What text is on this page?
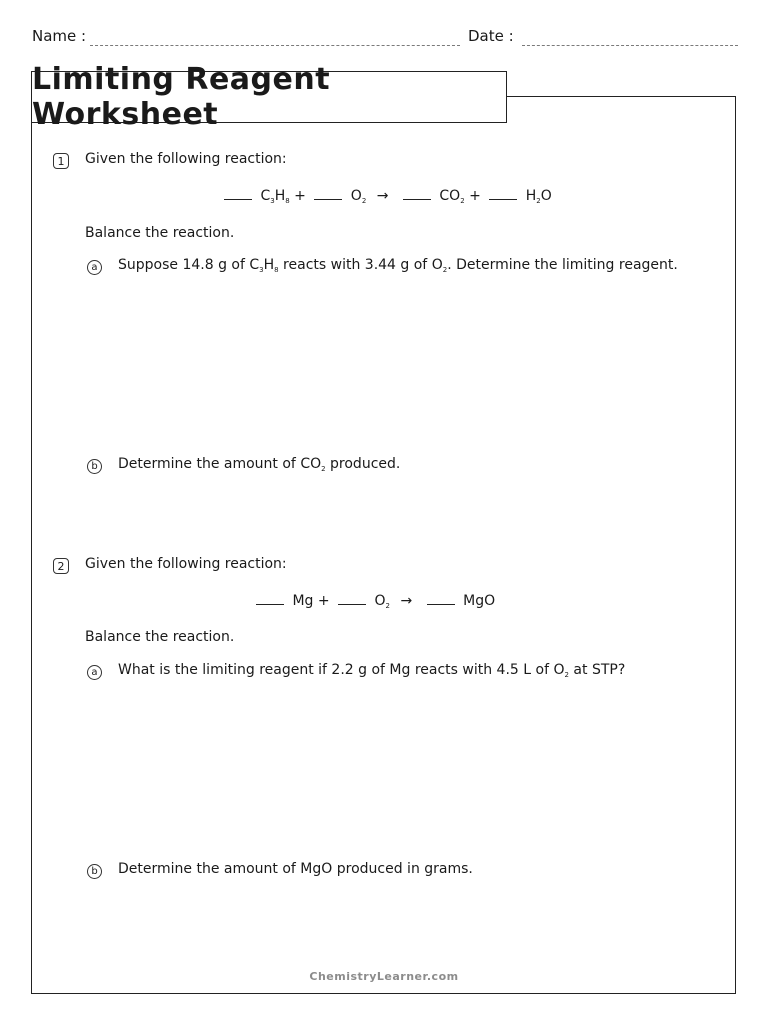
Name :	Date :
Limiting Reagent Worksheet
1	Given the following reaction:
$C_3H_8$ +	$O_2$ →	$CO_2$ +	$H_2O$
Balance the reaction.
a	Suppose 14.8 g of $C_3H_8$ reacts with 3.44 g of $O_2$. Determine the limiting reagent.
b	Determine the amount of $CO_2$ produced.
2	Given the following reaction:
Mg +	$O_2$ →	MgO
Balance the reaction.
a	What is the limiting reagent if 2.2 g of Mg reacts with 4.5 L of $O_2$ at STP?
b	Determine the amount of MgO produced in grams.
ChemistryLearner.com
